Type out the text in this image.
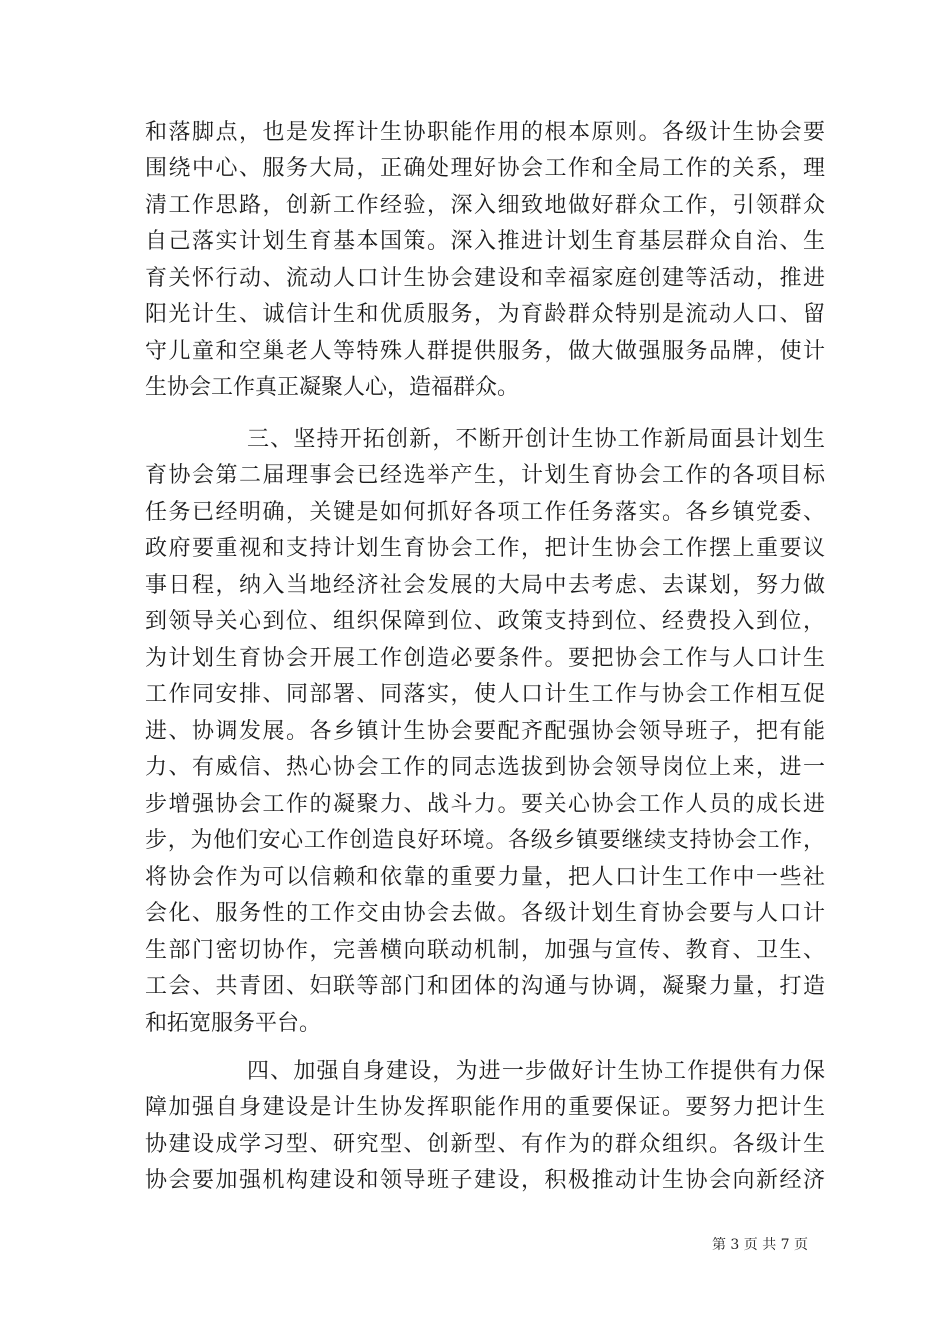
和落脚点，也是发挥计生协职能作用的根本原则。各级计生协会要
围绕中心、服务大局，正确处理好协会工作和全局工作的关系，理
清工作思路，创新工作经验，深入细致地做好群众工作，引领群众
自己落实计划生育基本国策。深入推进计划生育基层群众自治、生
育关怀行动、流动人口计生协会建设和幸福家庭创建等活动，推进
阳光计生、诚信计生和优质服务，为育龄群众特别是流动人口、留
守儿童和空巢老人等特殊人群提供服务，做大做强服务品牌，使计
生协会工作真正凝聚人心，造福群众。
三、坚持开拓创新，不断开创计生协工作新局面县计划生
育协会第二届理事会已经选举产生，计划生育协会工作的各项目标
任务已经明确，关键是如何抓好各项工作任务落实。各乡镇党委、
政府要重视和支持计划生育协会工作，把计生协会工作摆上重要议
事日程，纳入当地经济社会发展的大局中去考虑、去谋划，努力做
到领导关心到位、组织保障到位、政策支持到位、经费投入到位，
为计划生育协会开展工作创造必要条件。要把协会工作与人口计生
工作同安排、同部署、同落实，使人口计生工作与协会工作相互促
进、协调发展。各乡镇计生协会要配齐配强协会领导班子，把有能
力、有威信、热心协会工作的同志选拔到协会领导岗位上来，进一
步增强协会工作的凝聚力、战斗力。要关心协会工作人员的成长进
步，为他们安心工作创造良好环境。各级乡镇要继续支持协会工作，
将协会作为可以信赖和依靠的重要力量，把人口计生工作中一些社
会化、服务性的工作交由协会去做。各级计划生育协会要与人口计
生部门密切协作，完善横向联动机制，加强与宣传、教育、卫生、
工会、共青团、妇联等部门和团体的沟通与协调，凝聚力量，打造
和拓宽服务平台。
四、加强自身建设，为进一步做好计生协工作提供有力保
障加强自身建设是计生协发挥职能作用的重要保证。要努力把计生
协建设成学习型、研究型、创新型、有作为的群众组织。各级计生
协会要加强机构建设和领导班子建设，积极推动计生协会向新经济
第 3 页 共 7 页
